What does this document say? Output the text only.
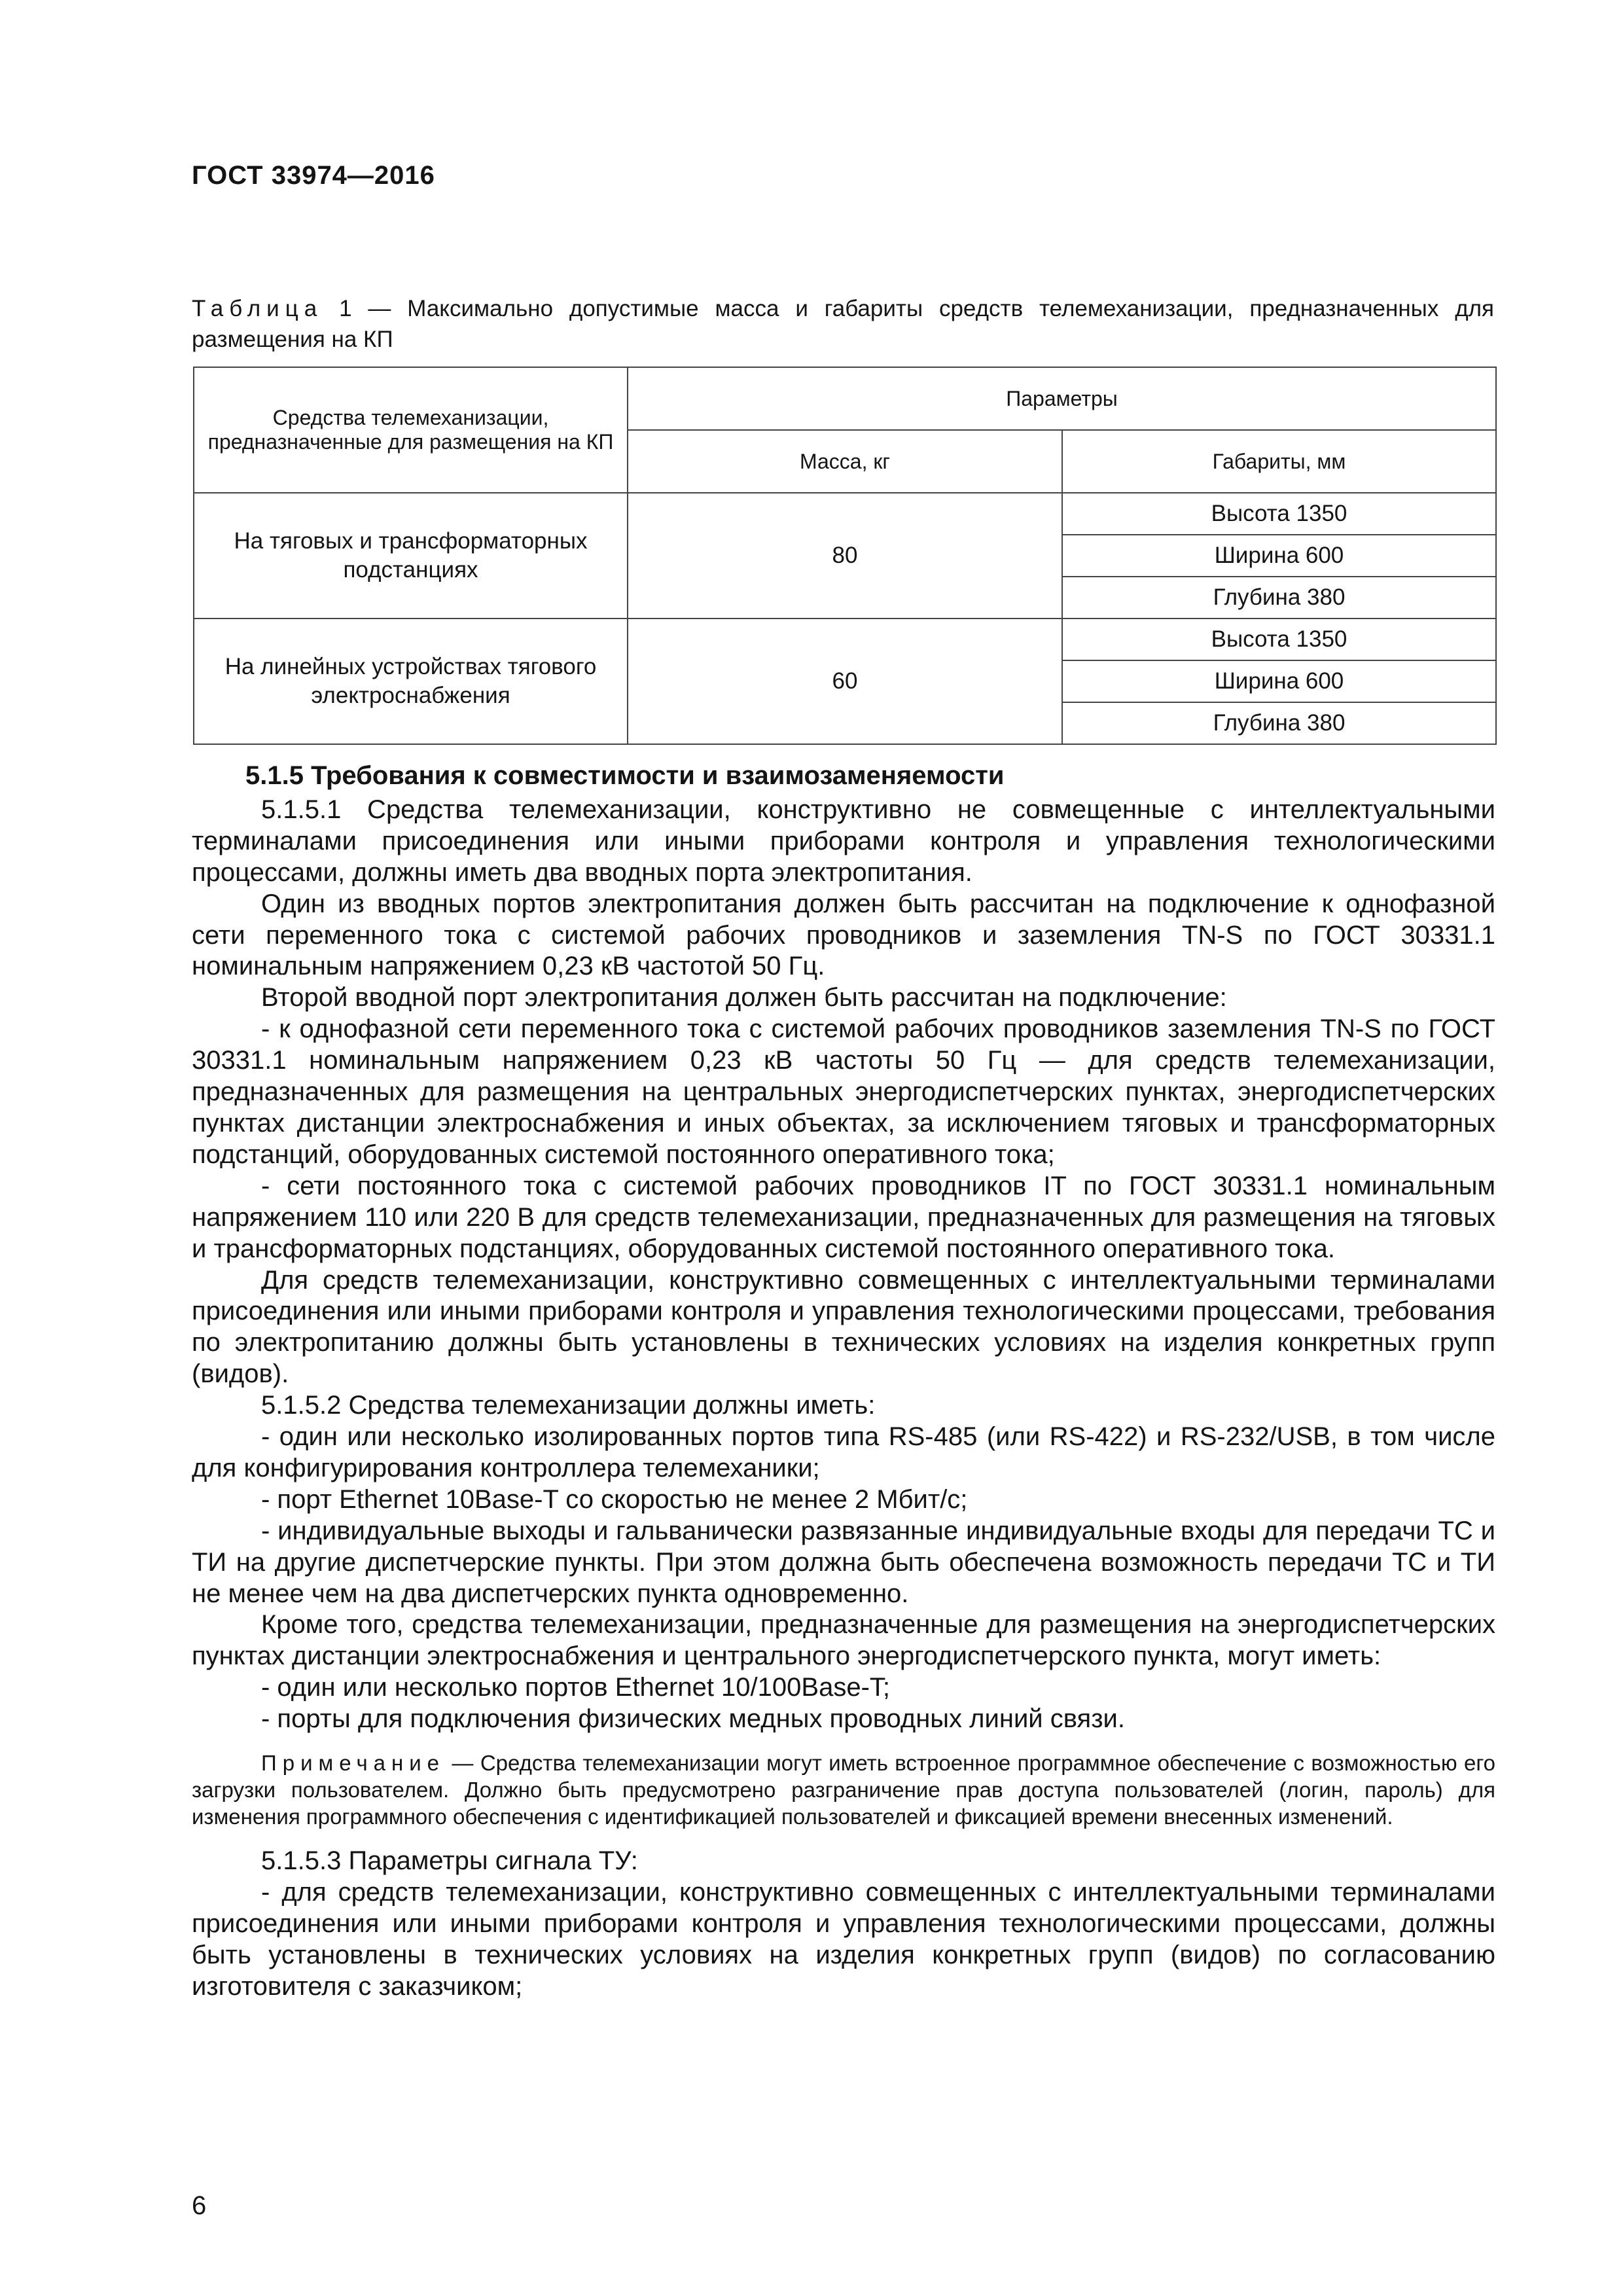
ГОСТ 33974—2016

Таблица 1 — Максимально допустимые масса и габариты средств телемеханизации, предназначенных для размещения на КП

Средства телемеханизации, предназначенные для размещения на КП	Параметры	
	Масса, кг	Габариты, мм
На тяговых и трансформаторных подстанциях	80	Высота 1350
		Ширина 600
		Глубина 380
На линейных устройствах тягового электроснабжения	60	Высота 1350
		Ширина 600
		Глубина 380

5.1.5 Требования к совместимости и взаимозаменяемости

5.1.5.1 Средства телемеханизации, конструктивно не совмещенные с интеллектуальными терминалами присоединения или иными приборами контроля и управления технологическими процессами, должны иметь два вводных порта электропитания.

Один из вводных портов электропитания должен быть рассчитан на подключение к однофазной сети переменного тока с системой рабочих проводников и заземления TN-S по ГОСТ 30331.1 номинальным напряжением 0,23 кВ частотой 50 Гц.

Второй вводной порт электропитания должен быть рассчитан на подключение:

- к однофазной сети переменного тока с системой рабочих проводников заземления TN-S по ГОСТ 30331.1 номинальным напряжением 0,23 кВ частоты 50 Гц — для средств телемеханизации, предназначенных для размещения на центральных энергодиспетчерских пунктах, энергодиспетчерских пунктах дистанции электроснабжения и иных объектах, за исключением тяговых и трансформаторных подстанций, оборудованных системой постоянного оперативного тока;

- сети постоянного тока с системой рабочих проводников IT по ГОСТ 30331.1 номинальным напряжением 110 или 220 В для средств телемеханизации, предназначенных для размещения на тяговых и трансформаторных подстанциях, оборудованных системой постоянного оперативного тока.

Для средств телемеханизации, конструктивно совмещенных с интеллектуальными терминалами присоединения или иными приборами контроля и управления технологическими процессами, требования по электропитанию должны быть установлены в технических условиях на изделия конкретных групп (видов).

5.1.5.2 Средства телемеханизации должны иметь:

- один или несколько изолированных портов типа RS-485 (или RS-422) и RS-232/USB, в том числе для конфигурирования контроллера телемеханики;

- порт Ethernet 10Base-T со скоростью не менее 2 Мбит/с;

- индивидуальные выходы и гальванически развязанные индивидуальные входы для передачи ТС и ТИ на другие диспетчерские пункты. При этом должна быть обеспечена возможность передачи ТС и ТИ не менее чем на два диспетчерских пункта одновременно.

Кроме того, средства телемеханизации, предназначенные для размещения на энергодиспетчерских пунктах дистанции электроснабжения и центрального энергодиспетчерского пункта, могут иметь:

- один или несколько портов Ethernet 10/100Base-T;

- порты для подключения физических медных проводных линий связи.

Примечание — Средства телемеханизации могут иметь встроенное программное обеспечение с возможностью его загрузки пользователем. Должно быть предусмотрено разграничение прав доступа пользователей (логин, пароль) для изменения программного обеспечения с идентификацией пользователей и фиксацией времени внесенных изменений.

5.1.5.3 Параметры сигнала ТУ:

- для средств телемеханизации, конструктивно совмещенных с интеллектуальными терминалами присоединения или иными приборами контроля и управления технологическими процессами, должны быть установлены в технических условиях на изделия конкретных групп (видов) по согласованию изготовителя с заказчиком;

6
